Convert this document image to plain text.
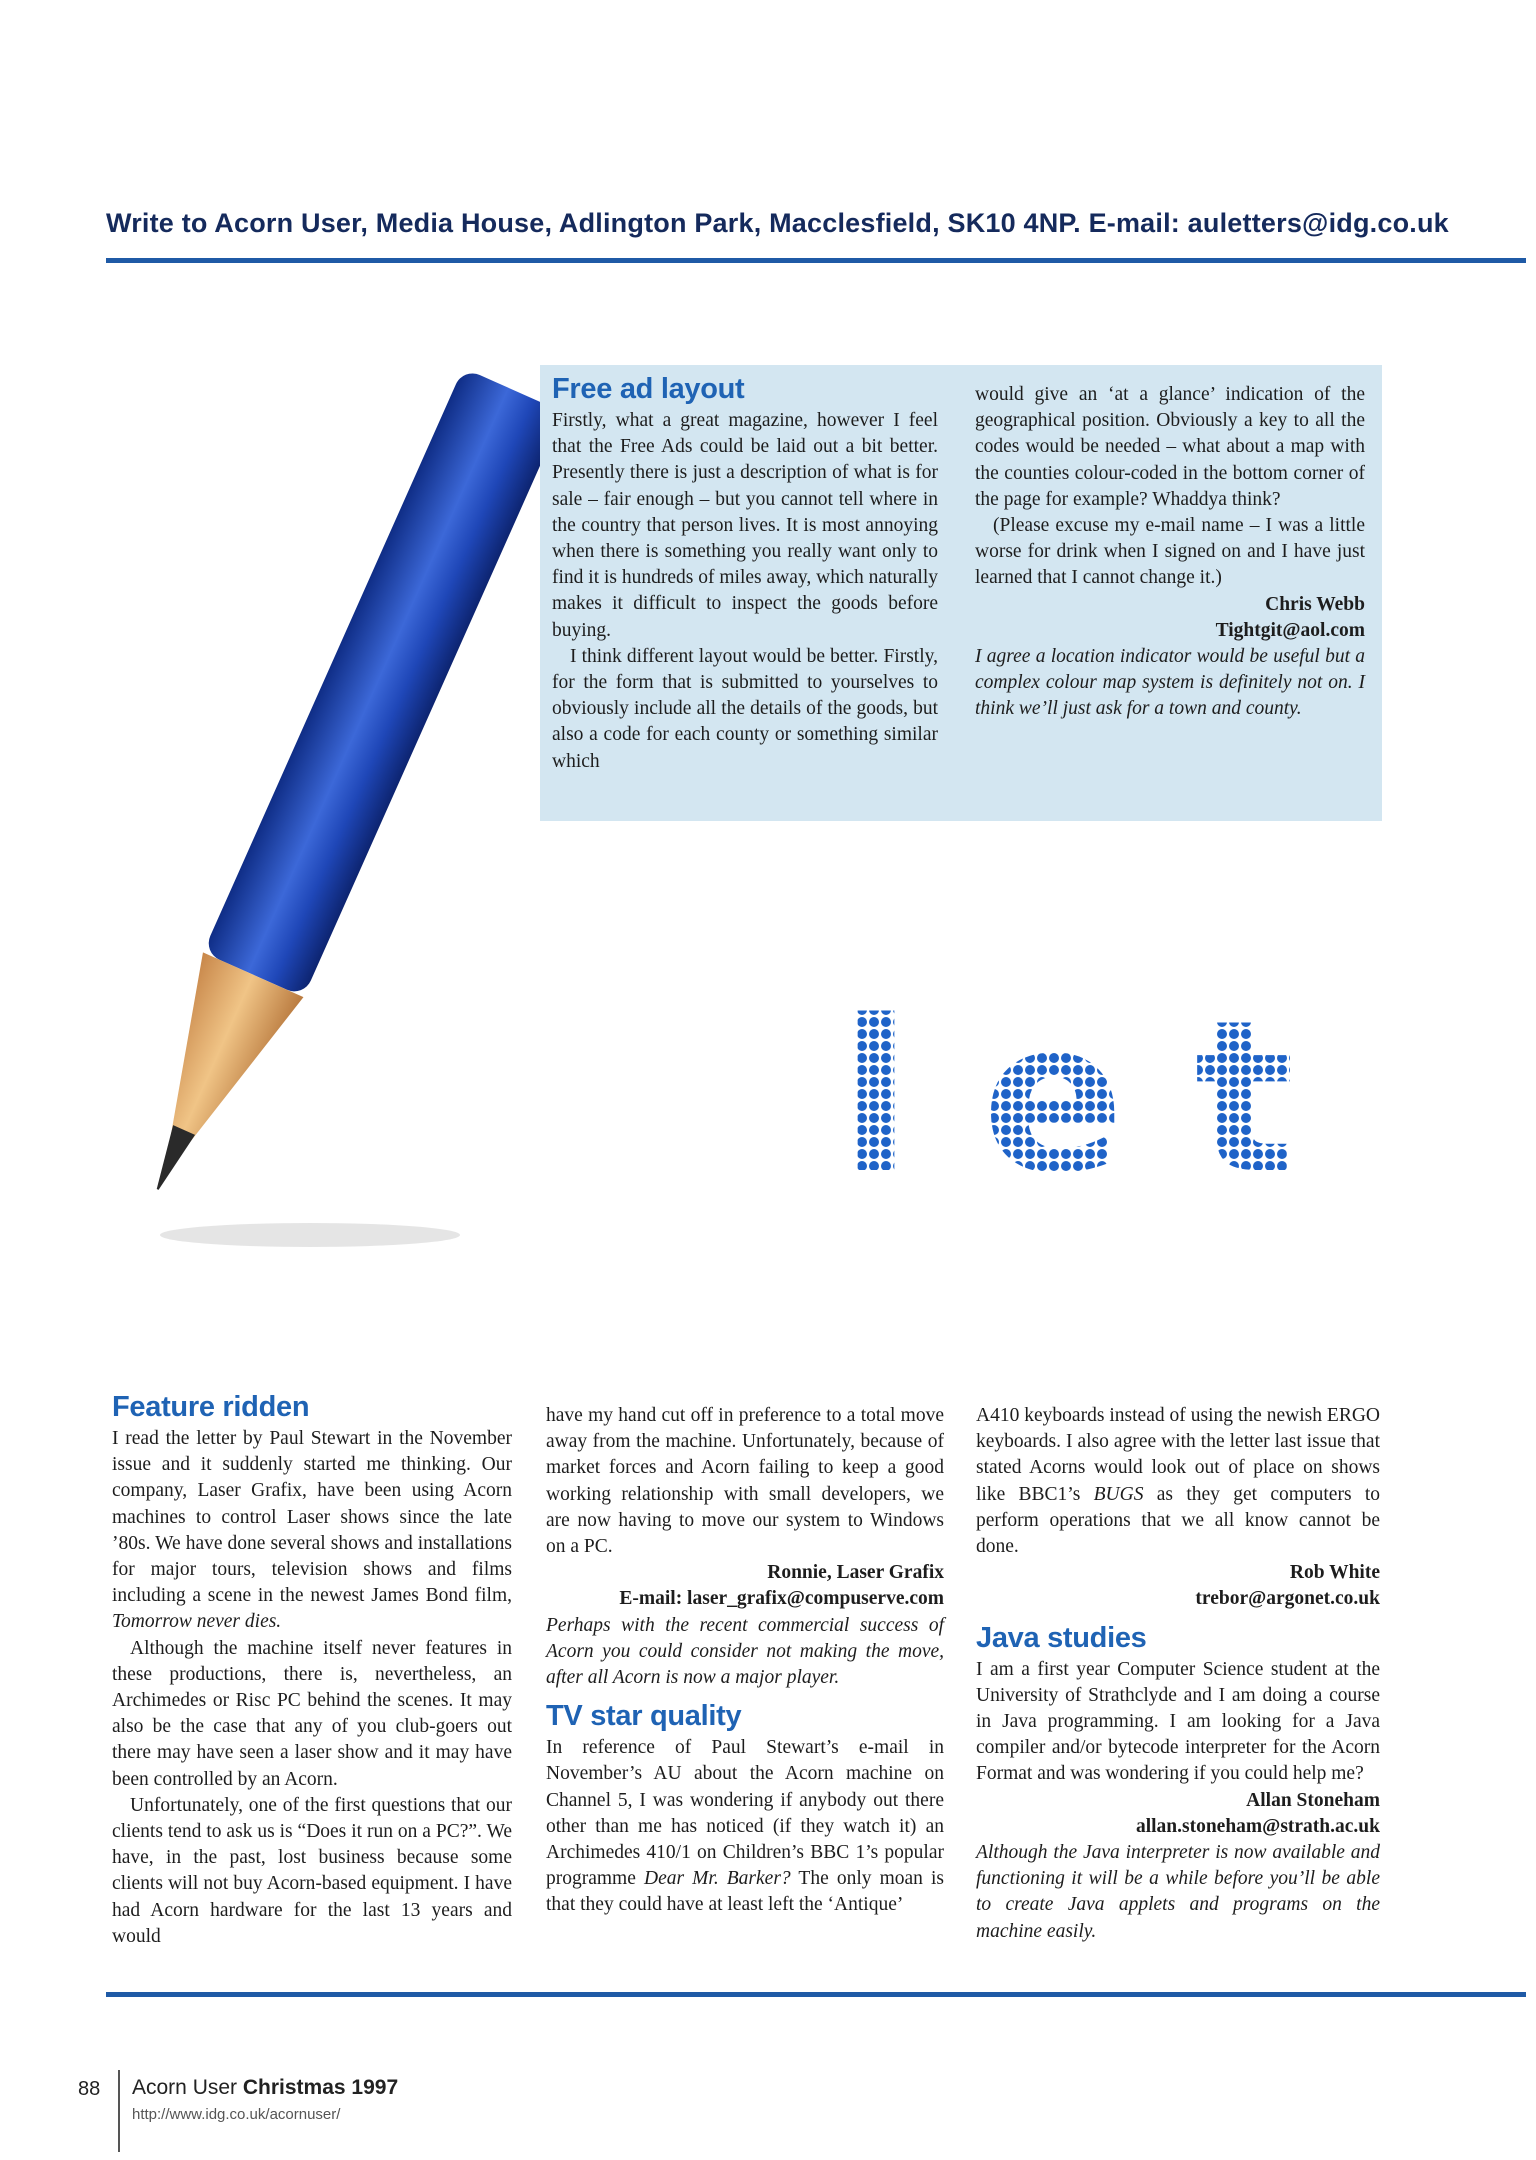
Write to Acorn User, Media House, Adlington Park, Macclesfield, SK10 4NP. E-mail: auletters@idg.co.uk
Free ad layout

Firstly, what a great magazine, however I feel that the Free Ads could be laid out a bit better. Presently there is just a description of what is for sale – fair enough – but you cannot tell where in the country that person lives. It is most annoying when there is something you really want only to find it is hundreds of miles away, which naturally makes it difficult to inspect the goods before buying.

I think different layout would be better. Firstly, for the form that is submitted to yourselves to obviously include all the details of the goods, but also a code for each county or something similar which

would give an ‘at a glance’ indication of the geographical position. Obviously a key to all the codes would be needed – what about a map with the counties colour-coded in the bottom corner of the page for example? Whaddya think?

(Please excuse my e-mail name – I was a little worse for drink when I signed on and I have just learned that I cannot change it.)

Chris Webb

Tightgit@aol.com

I agree a location indicator would be useful but a complex colour map system is definitely not on. I think we’ll just ask for a town and county.

let
Feature ridden

I read the letter by Paul Stewart in the November issue and it suddenly started me thinking. Our company, Laser Grafix, have been using Acorn machines to control Laser shows since the late ’80s. We have done several shows and installations for major tours, television shows and films including a scene in the newest James Bond film, Tomorrow never dies.

Although the machine itself never features in these productions, there is, nevertheless, an Archimedes or Risc PC behind the scenes. It may also be the case that any of you club-goers out there may have seen a laser show and it may have been controlled by an Acorn.

Unfortunately, one of the first questions that our clients tend to ask us is “Does it run on a PC?”. We have, in the past, lost business because some clients will not buy Acorn-based equipment. I have had Acorn hardware for the last 13 years and would

have my hand cut off in preference to a total move away from the machine. Unfortunately, because of market forces and Acorn failing to keep a good working relationship with small developers, we are now having to move our system to Windows on a PC.

Ronnie, Laser Grafix

E-mail: laser_grafix@compuserve.com

Perhaps with the recent commercial success of Acorn you could consider not making the move, after all Acorn is now a major player.

TV star quality

In reference of Paul Stewart’s e-mail in November’s AU about the Acorn machine on Channel 5, I was wondering if anybody out there other than me has noticed (if they watch it) an Archimedes 410/1 on Children’s BBC 1’s popular programme Dear Mr. Barker? The only moan is that they could have at least left the ‘Antique’

A410 keyboards instead of using the newish ERGO keyboards. I also agree with the letter last issue that stated Acorns would look out of place on shows like BBC1’s BUGS as they get computers to perform operations that we all know cannot be done.

Rob White

trebor@argonet.co.uk

Java studies

I am a first year Computer Science student at the University of Strathclyde and I am doing a course in Java programming. I am looking for a Java compiler and/or bytecode interpreter for the Acorn Format and was wondering if you could help me?

Allan Stoneham

allan.stoneham@strath.ac.uk

Although the Java interpreter is now available and functioning it will be a while before you’ll be able to create Java applets and programs on the machine easily.

88 Acorn User Christmas 1997
http://www.idg.co.uk/acornuser/
